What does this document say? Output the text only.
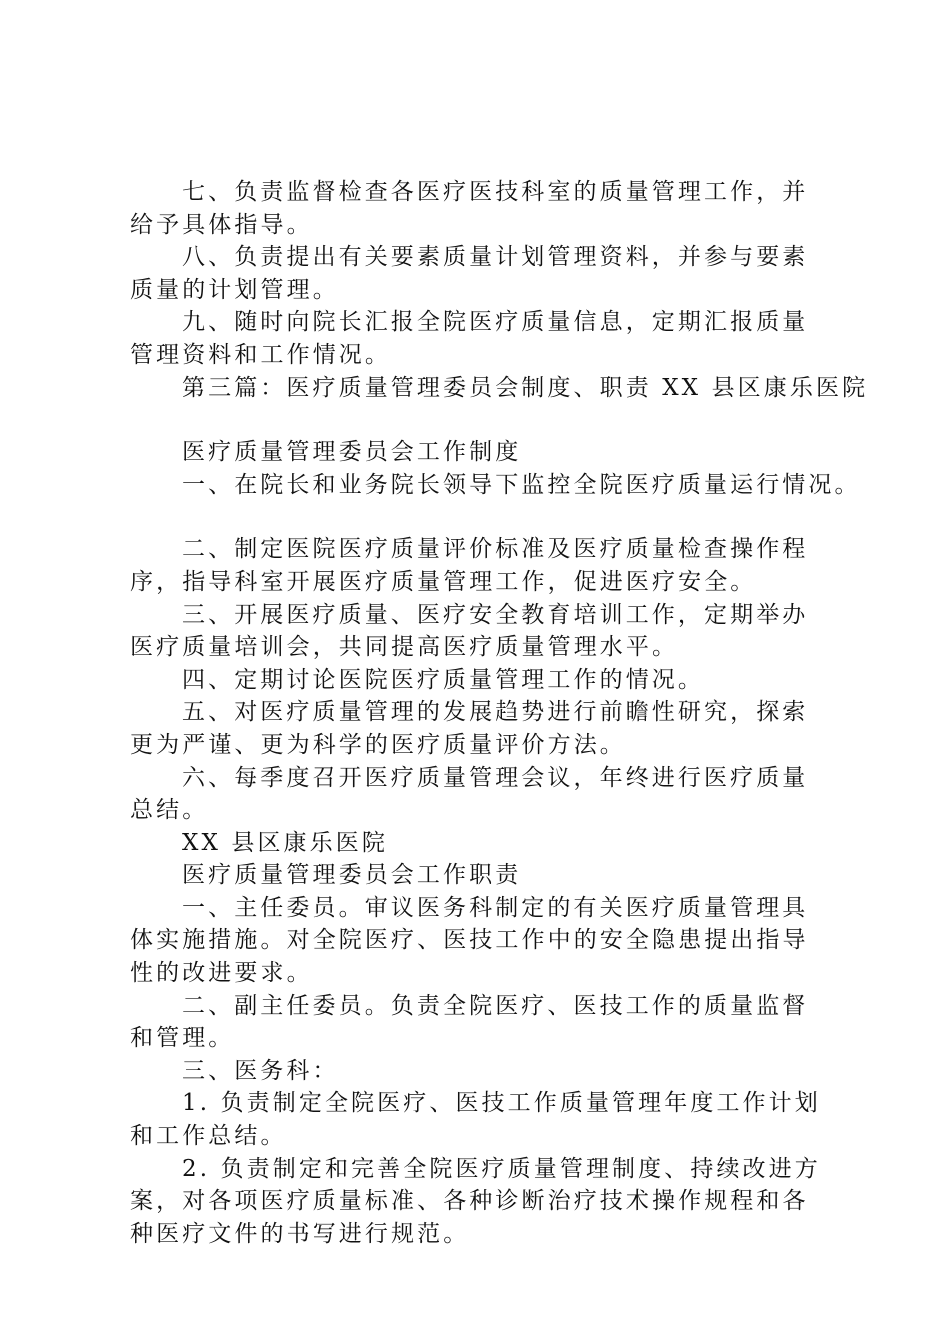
七、负责监督检查各医疗医技科室的质量管理工作，并给予具体指导。

八、负责提出有关要素质量计划管理资料，并参与要素质量的计划管理。

九、随时向院长汇报全院医疗质量信息，定期汇报质量管理资料和工作情况。

第三篇：医疗质量管理委员会制度、职责 XX 县区康乐医院

医疗质量管理委员会工作制度

一、在院长和业务院长领导下监控全院医疗质量运行情况。

二、制定医院医疗质量评价标准及医疗质量检查操作程序，指导科室开展医疗质量管理工作，促进医疗安全。

三、开展医疗质量、医疗安全教育培训工作，定期举办医疗质量培训会，共同提高医疗质量管理水平。

四、定期讨论医院医疗质量管理工作的情况。

五、对医疗质量管理的发展趋势进行前瞻性研究，探索更为严谨、更为科学的医疗质量评价方法。

六、每季度召开医疗质量管理会议，年终进行医疗质量总结。

XX 县区康乐医院

医疗质量管理委员会工作职责

一、主任委员。审议医务科制定的有关医疗质量管理具体实施措施。对全院医疗、医技工作中的安全隐患提出指导性的改进要求。

二、副主任委员。负责全院医疗、医技工作的质量监督和管理。

三、医务科：

1. 负责制定全院医疗、医技工作质量管理年度工作计划和工作总结。

2. 负责制定和完善全院医疗质量管理制度、持续改进方案，对各项医疗质量标准、各种诊断治疗技术操作规程和各种医疗文件的书写进行规范。
